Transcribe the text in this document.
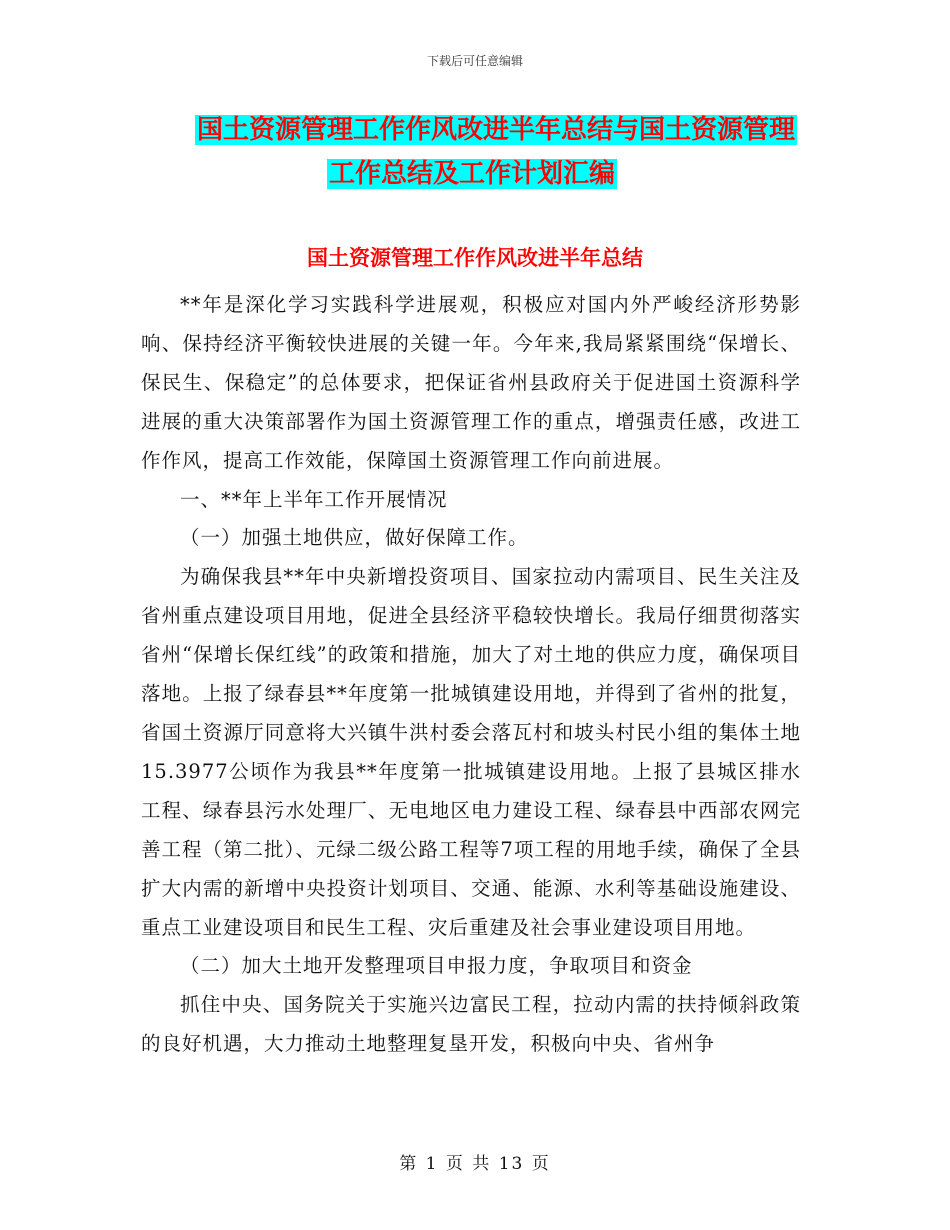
下载后可任意编辑
国土资源管理工作作风改进半年总结与国土资源管理
工作总结及工作计划汇编
国土资源管理工作作风改进半年总结

**年是深化学习实践科学进展观，积极应对国内外严峻经济形势影响、保持经济平衡较快进展的关键一年。今年来,我局紧紧围绕“保增长、保民生、保稳定”的总体要求，把保证省州县政府关于促进国土资源科学进展的重大决策部署作为国土资源管理工作的重点，增强责任感，改进工作作风，提高工作效能，保障国土资源管理工作向前进展。

一、**年上半年工作开展情况

（一）加强土地供应，做好保障工作。

为确保我县**年中央新增投资项目、国家拉动内需项目、民生关注及省州重点建设项目用地，促进全县经济平稳较快增长。我局仔细贯彻落实省州“保增长保红线”的政策和措施，加大了对土地的供应力度，确保项目落地。上报了绿春县**年度第一批城镇建设用地，并得到了省州的批复，省国土资源厅同意将大兴镇牛洪村委会落瓦村和坡头村民小组的集体土地15.3977公顷作为我县**年度第一批城镇建设用地。上报了县城区排水工程、绿春县污水处理厂、无电地区电力建设工程、绿春县中西部农网完善工程（第二批）、元绿二级公路工程等7项工程的用地手续，确保了全县扩大内需的新增中央投资计划项目、交通、能源、水利等基础设施建设、重点工业建设项目和民生工程、灾后重建及社会事业建设项目用地。

（二）加大土地开发整理项目申报力度，争取项目和资金

抓住中央、国务院关于实施兴边富民工程，拉动内需的扶持倾斜政策的良好机遇，大力推动土地整理复垦开发，积极向中央、省州争

第 1 页 共 13 页
